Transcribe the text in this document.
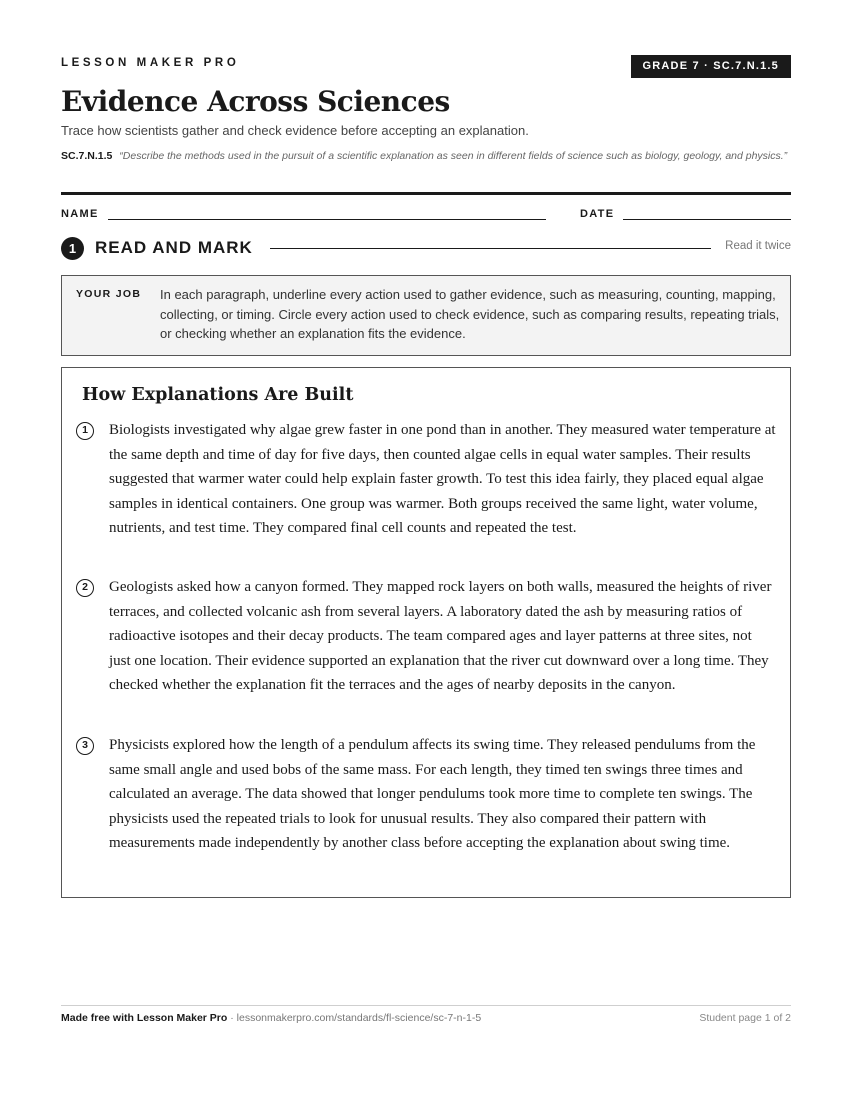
LESSON MAKER PRO	GRADE 7 · SC.7.N.1.5
Evidence Across Sciences
Trace how scientists gather and check evidence before accepting an explanation.
SC.7.N.1.5 “Describe the methods used in the pursuit of a scientific explanation as seen in different fields of science such as biology, geology, and physics.”
NAME	DATE
1	READ AND MARK	Read it twice
YOUR JOB In each paragraph, underline every action used to gather evidence, such as measuring, counting, mapping, collecting, or timing. Circle every action used to check evidence, such as comparing results, repeating trials, or checking whether an explanation fits the evidence.
How Explanations Are Built
1	Biologists investigated why algae grew faster in one pond than in another. They measured water temperature at the same depth and time of day for five days, then counted algae cells in equal water samples. Their results suggested that warmer water could help explain faster growth. To test this idea fairly, they placed equal algae samples in identical containers. One group was warmer. Both groups received the same light, water volume, nutrients, and test time. They compared final cell counts and repeated the test.

2	Geologists asked how a canyon formed. They mapped rock layers on both walls, measured the heights of river terraces, and collected volcanic ash from several layers. A laboratory dated the ash by measuring ratios of radioactive isotopes and their decay products. The team compared ages and layer patterns at three sites, not just one location. Their evidence supported an explanation that the river cut downward over a long time. They checked whether the explanation fit the terraces and the ages of nearby deposits in the canyon.

3	Physicists explored how the length of a pendulum affects its swing time. They released pendulums from the same small angle and used bobs of the same mass. For each length, they timed ten swings three times and calculated an average. The data showed that longer pendulums took more time to complete ten swings. The physicists used the repeated trials to look for unusual results. They also compared their pattern with measurements made independently by another class before accepting the explanation about swing time.

Made free with Lesson Maker Pro · lessonmakerpro.com/standards/fl-science/sc-7-n-1-5	Student page 1 of 2
